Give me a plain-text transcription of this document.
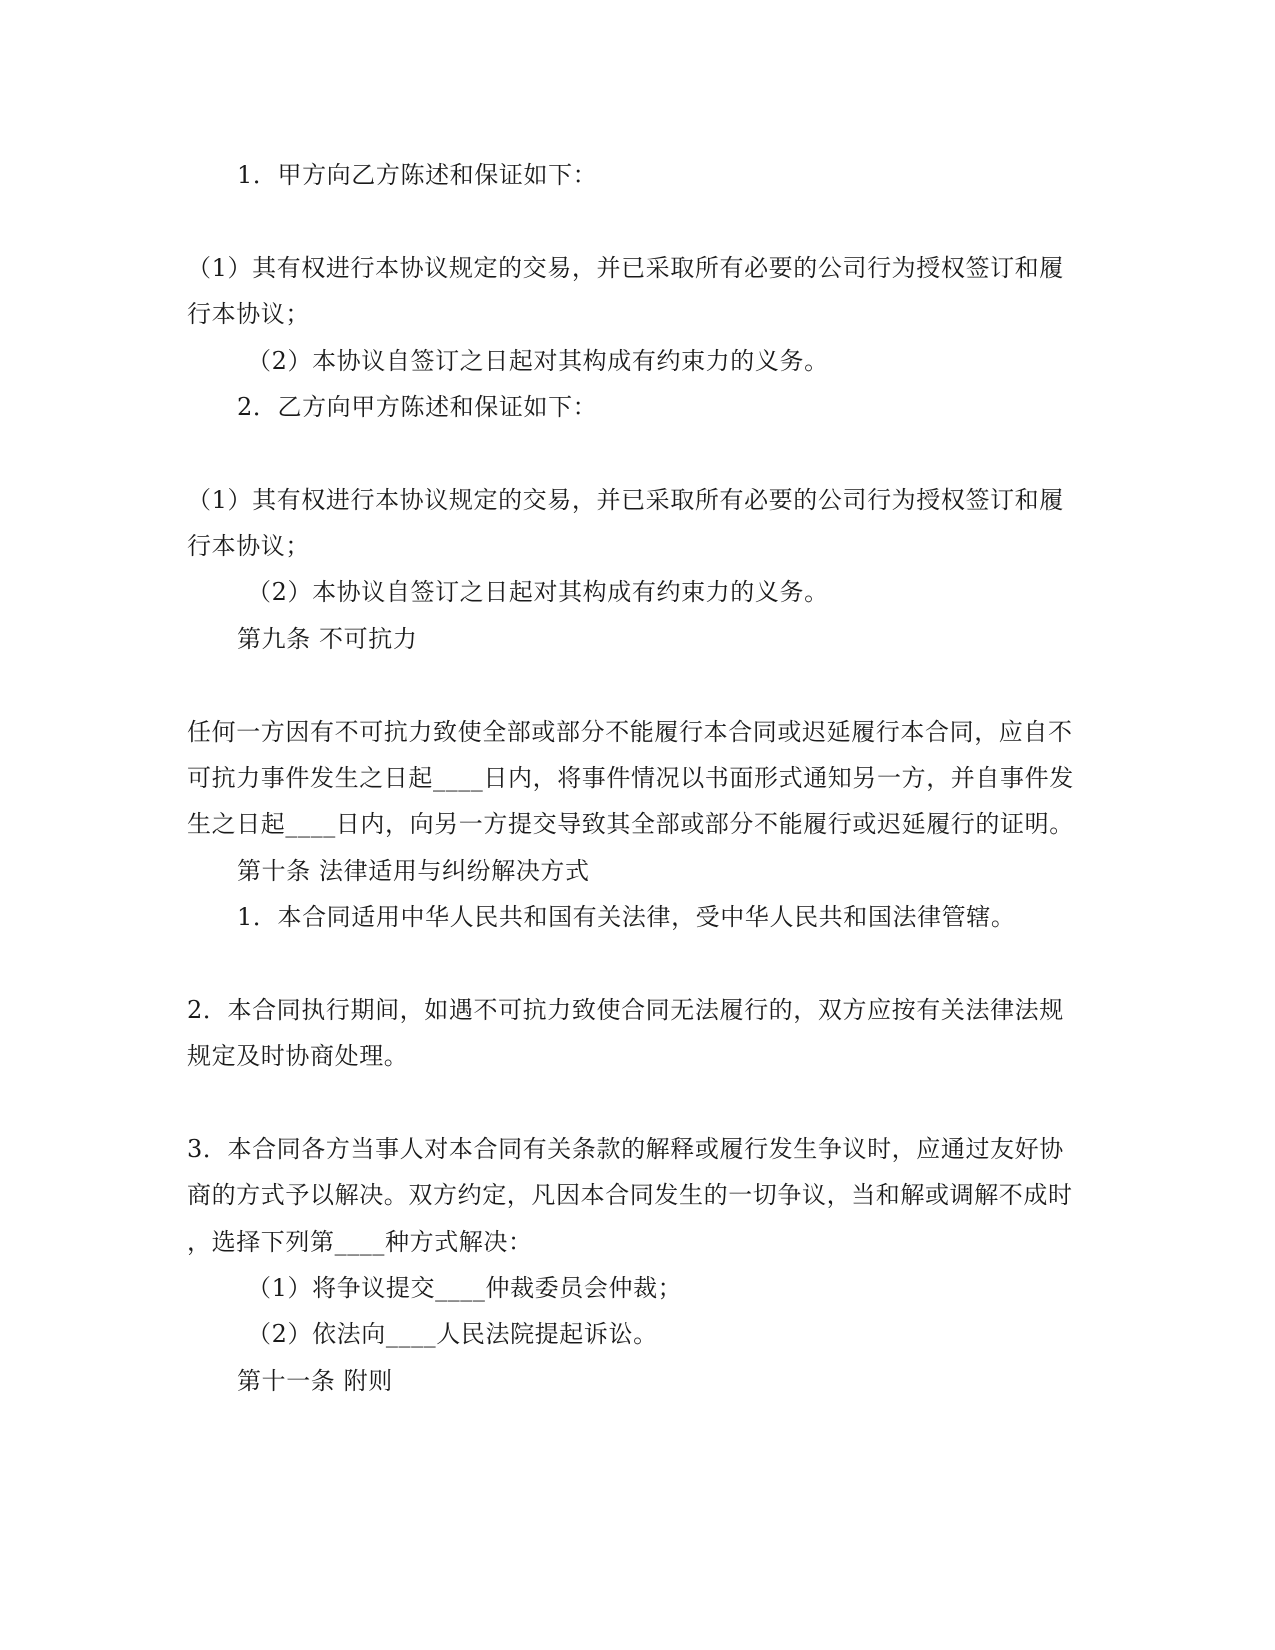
1．甲方向乙方陈述和保证如下：
（1）其有权进行本协议规定的交易，并已采取所有必要的公司行为授权签订和履
行本协议；
（2）本协议自签订之日起对其构成有约束力的义务。
2．乙方向甲方陈述和保证如下：
（1）其有权进行本协议规定的交易，并已采取所有必要的公司行为授权签订和履
行本协议；
（2）本协议自签订之日起对其构成有约束力的义务。
第九条 不可抗力
任何一方因有不可抗力致使全部或部分不能履行本合同或迟延履行本合同，应自不
可抗力事件发生之日起____日内，将事件情况以书面形式通知另一方，并自事件发
生之日起____日内，向另一方提交导致其全部或部分不能履行或迟延履行的证明。
第十条 法律适用与纠纷解决方式
1．本合同适用中华人民共和国有关法律，受中华人民共和国法律管辖。
2．本合同执行期间，如遇不可抗力致使合同无法履行的，双方应按有关法律法规
规定及时协商处理。
3．本合同各方当事人对本合同有关条款的解释或履行发生争议时，应通过友好协
商的方式予以解决。双方约定，凡因本合同发生的一切争议，当和解或调解不成时
，选择下列第____种方式解决：
（1）将争议提交____仲裁委员会仲裁；
（2）依法向____人民法院提起诉讼。
第十一条 附则
